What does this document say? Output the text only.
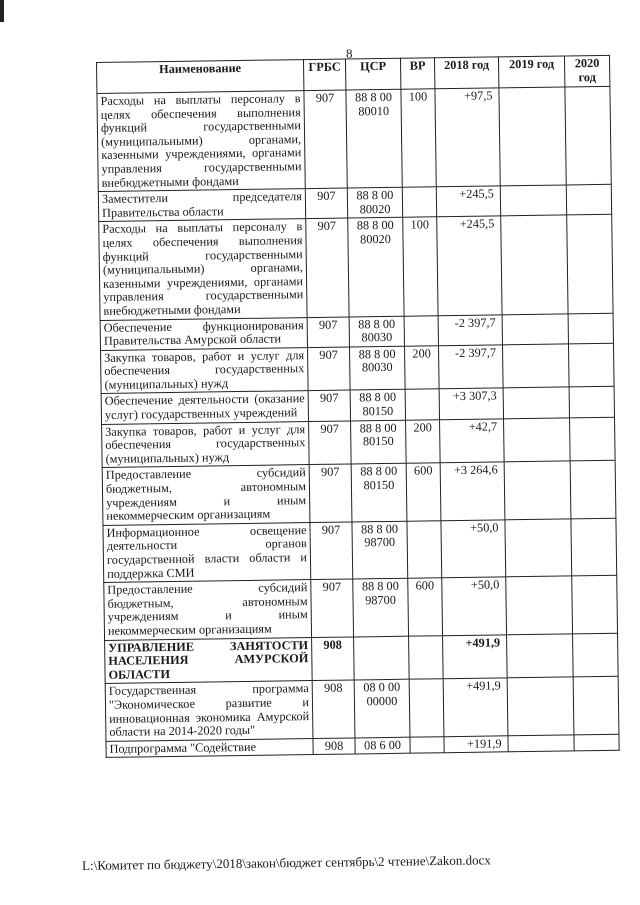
8
Наименование	ГРБС	ЦСР	ВР	2018 год	2019 год	2020 год
Расходы на выплаты персоналу в целях обеспечения выполнения функций государственными (муниципальными) органами, казенными учреждениями, органами управления государственными внебюджетными фондами	907	88 8 00 80010	100	+97,5		
Заместители председателя Правительства области	907	88 8 00 80020		+245,5		
Расходы на выплаты персоналу в целях обеспечения выполнения функций государственными (муниципальными) органами, казенными учреждениями, органами управления государственными внебюджетными фондами	907	88 8 00 80020	100	+245,5		
Обеспечение функционирования Правительства Амурской области	907	88 8 00 80030		-2 397,7		
Закупка товаров, работ и услуг для обеспечения государственных (муниципальных) нужд	907	88 8 00 80030	200	-2 397,7		
Обеспечение деятельности (оказание услуг) государственных учреждений	907	88 8 00 80150		+3 307,3		
Закупка товаров, работ и услуг для обеспечения государственных (муниципальных) нужд	907	88 8 00 80150	200	+42,7		
Предоставление субсидий бюджетным, автономным учреждениям и иным некоммерческим организациям	907	88 8 00 80150	600	+3 264,6		
Информационное освещение деятельности органов государственной власти области и поддержка СМИ	907	88 8 00 98700		+50,0		
Предоставление субсидий бюджетным, автономным учреждениям и иным некоммерческим организациям	907	88 8 00 98700	600	+50,0		
УПРАВЛЕНИЕ ЗАНЯТОСТИ НАСЕЛЕНИЯ АМУРСКОЙ ОБЛАСТИ	908			+491,9		
Государственная программа "Экономическое развитие и инновационная экономика Амурской области на 2014-2020 годы"	908	08 0 00 00000		+491,9		
Подпрограмма "Содействие	908	08 6 00		+191,9		
L:\Комитет по бюджету\2018\закон\бюджет сентябрь\2 чтение\Zakon.docx
